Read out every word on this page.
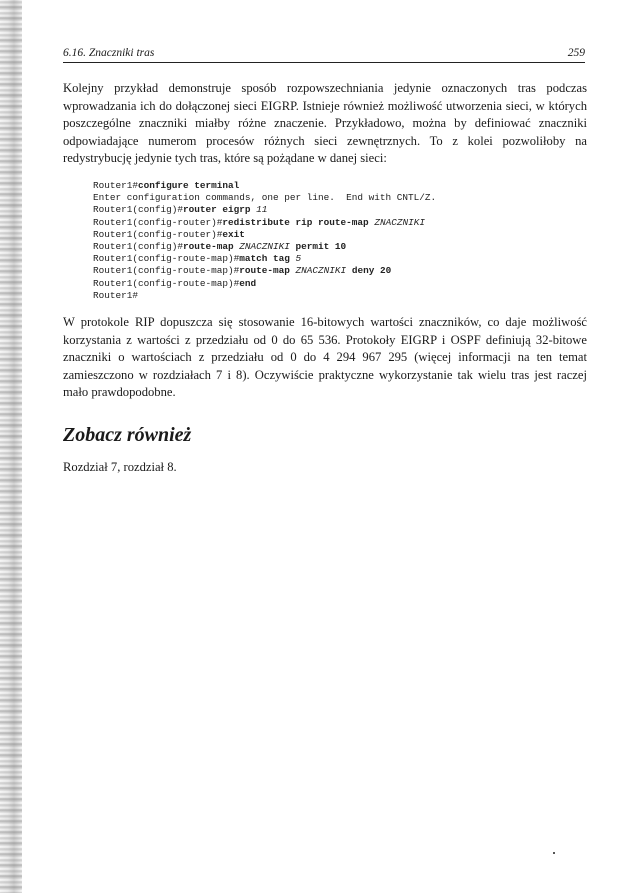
6.16. Znaczniki tras	259

Kolejny przykład demonstruje sposób rozpowszechniania jedynie oznaczonych tras podczas wprowadzania ich do dołączonej sieci EIGRP. Istnieje również możliwość utworzenia sieci, w których poszczególne znaczniki miałby różne znaczenie. Przykładowo, można by definiować znaczniki odpowiadające numerom procesów różnych sieci zewnętrznych. To z kolei pozwoliłoby na redystrybucję jedynie tych tras, które są pożądane w danej sieci:

Router1#configure terminal
Enter configuration commands, one per line.  End with CNTL/Z.
Router1(config)#router eigrp 11
Router1(config-router)#redistribute rip route-map ZNACZNIKI
Router1(config-router)#exit
Router1(config)#route-map ZNACZNIKI permit 10
Router1(config-route-map)#match tag 5
Router1(config-route-map)#route-map ZNACZNIKI deny 20
Router1(config-route-map)#end
Router1#

W protokole RIP dopuszcza się stosowanie 16-bitowych wartości znaczników, co daje możliwość korzystania z wartości z przedziału od 0 do 65 536. Protokoły EIGRP i OSPF definiują 32-bitowe znaczniki o wartościach z przedziału od 0 do 4 294 967 295 (więcej informacji na ten temat zamieszczono w rozdziałach 7 i 8). Oczywiście praktyczne wykorzystanie tak wielu tras jest raczej mało prawdopodobne.

Zobacz również

Rozdział 7, rozdział 8.
